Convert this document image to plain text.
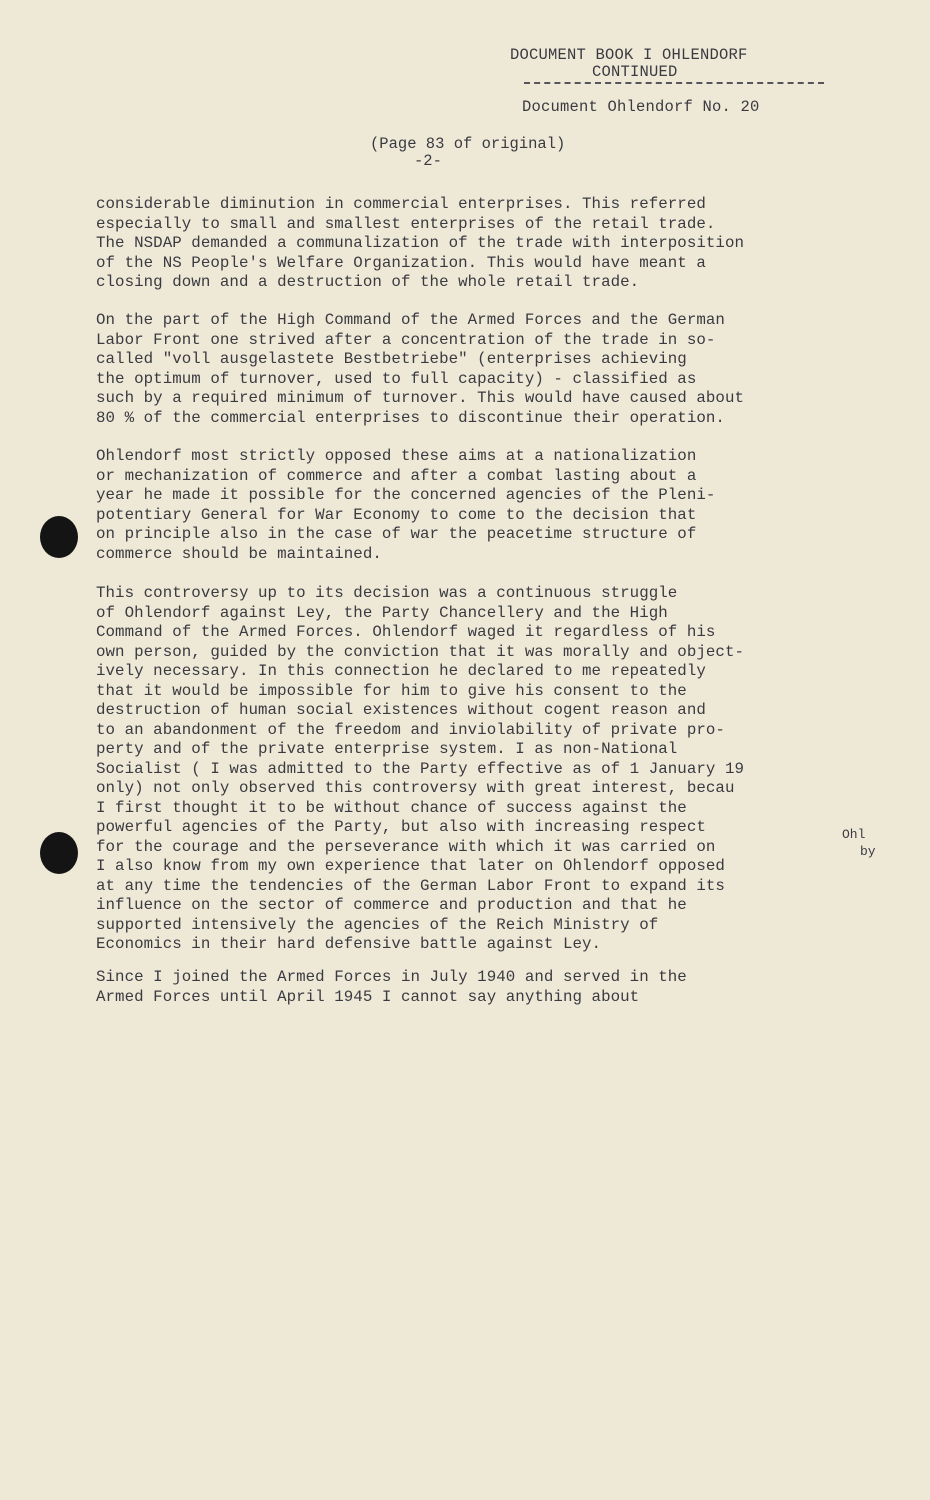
DOCUMENT BOOK I OHLENDORF
CONTINUED
Document Ohlendorf No. 20
(Page 83 of original)
-2-
considerable diminution in commercial enterprises. This referred
especially to small and smallest enterprises of the retail trade.
The NSDAP demanded a communalization of the trade with interposition
of the NS People's Welfare Organization. This would have meant a
closing down and a destruction of the whole retail trade.
On the part of the High Command of the Armed Forces and the German
Labor Front one strived after a concentration of the trade in so-
called "voll ausgelastete Bestbetriebe" (enterprises achieving
the optimum of turnover, used to full capacity) - classified as
such by a required minimum of turnover. This would have caused about
80 % of the commercial enterprises to discontinue their operation.
Ohlendorf most strictly opposed these aims at a nationalization
or mechanization of commerce and after a combat lasting about a
year he made it possible for the concerned agencies of the Pleni-
potentiary General for War Economy to come to the decision that
on principle also in the case of war the peacetime structure of
commerce should be maintained.
This controversy up to its decision was a continuous struggle
of Ohlendorf against Ley, the Party Chancellery and the High
Command of the Armed Forces. Ohlendorf waged it regardless of his
own person, guided by the conviction that it was morally and object-
ively necessary. In this connection he declared to me repeatedly
that it would be impossible for him to give his consent to the
destruction of human social existences without cogent reason and
to an abandonment of the freedom and inviolability of private pro-
perty and of the private enterprise system. I as non-National
Socialist ( I was admitted to the Party effective as of 1 January 19
only) not only observed this controversy with great interest, becau
I first thought it to be without chance of success against the
powerful agencies of the Party, but also with increasing respect
for the courage and the perseverance with which it was carried on
I also know from my own experience that later on Ohlendorf opposed
at any time the tendencies of the German Labor Front to expand its
influence on the sector of commerce and production and that he
supported intensively the agencies of the Reich Ministry of
Economics in their hard defensive battle against Ley.
Since I joined the Armed Forces in July 1940 and served in the
Armed Forces until April 1945 I cannot say anything about
Ohl
by
